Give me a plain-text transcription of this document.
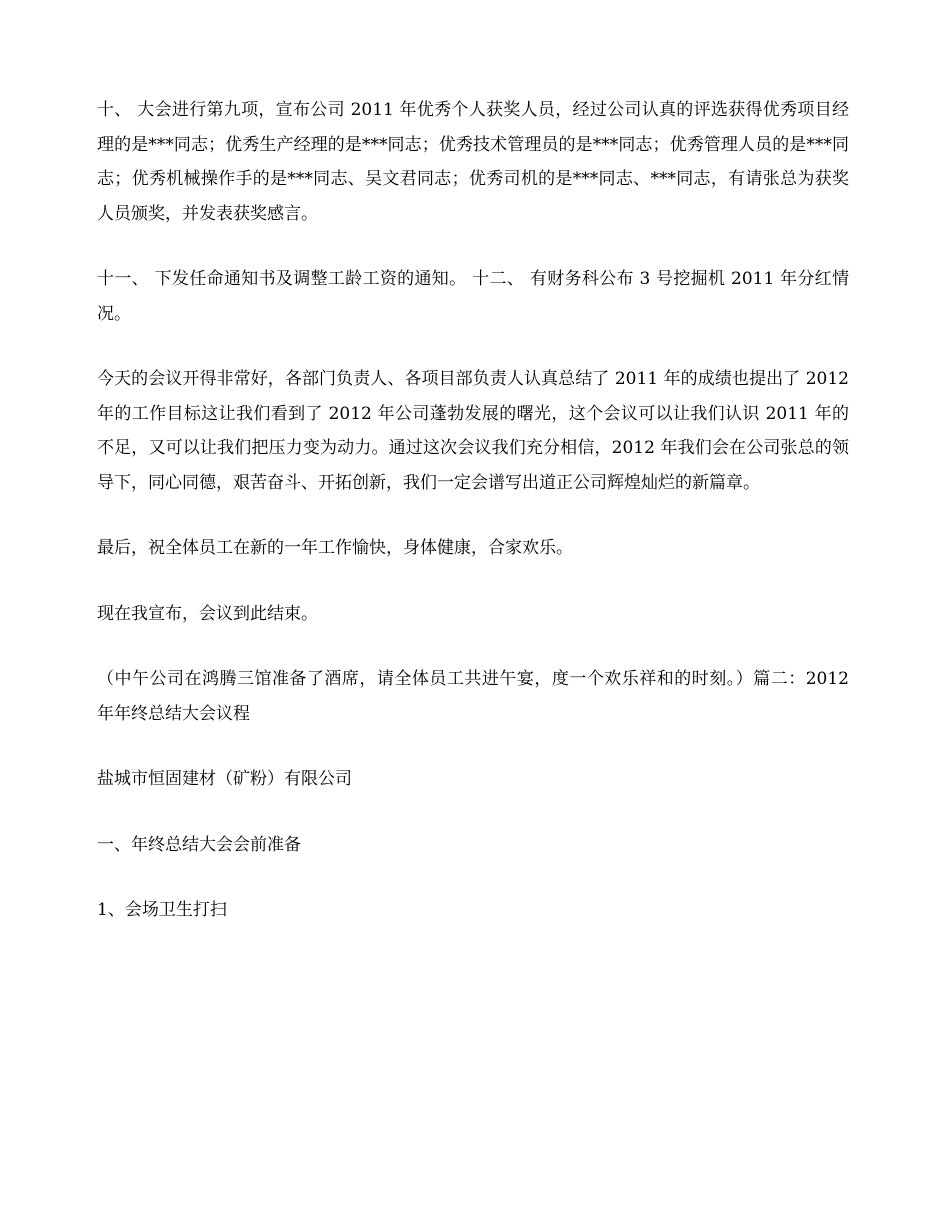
十、 大会进行第九项，宣布公司 2011 年优秀个人获奖人员，经过公司认真的评选获得优秀项目经理的是***同志；优秀生产经理的是***同志；优秀技术管理员的是***同志；优秀管理人员的是***同志；优秀机械操作手的是***同志、吴文君同志；优秀司机的是***同志、***同志，有请张总为获奖人员颁奖，并发表获奖感言。

十一、 下发任命通知书及调整工龄工资的通知。 十二、 有财务科公布 3 号挖掘机 2011 年分红情况。

今天的会议开得非常好，各部门负责人、各项目部负责人认真总结了 2011 年的成绩也提出了 2012 年的工作目标这让我们看到了 2012 年公司蓬勃发展的曙光，这个会议可以让我们认识 2011 年的不足，又可以让我们把压力变为动力。通过这次会议我们充分相信，2012 年我们会在公司张总的领导下，同心同德，艰苦奋斗、开拓创新，我们一定会谱写出道正公司辉煌灿烂的新篇章。

最后，祝全体员工在新的一年工作愉快，身体健康，合家欢乐。

现在我宣布，会议到此结束。

（中午公司在鸿腾三馆准备了酒席，请全体员工共进午宴，度一个欢乐祥和的时刻。）篇二：2012 年年终总结大会议程

盐城市恒固建材（矿粉）有限公司

一、年终总结大会会前准备

1、会场卫生打扫
